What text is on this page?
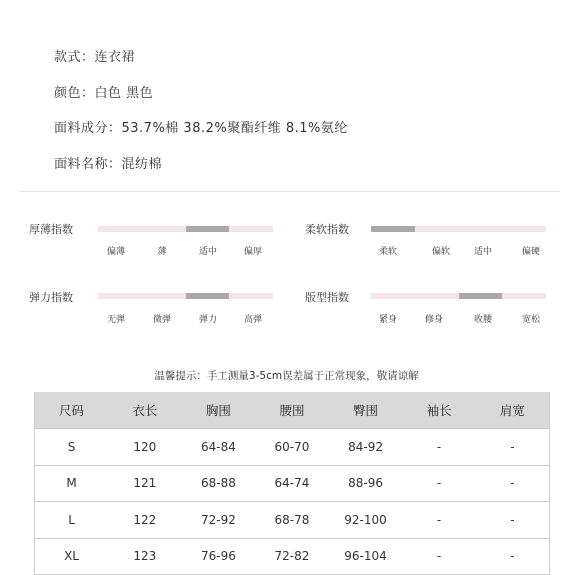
款式：连衣裙
颜色：白色 黑色
面料成分：53.7%棉 38.2%聚酯纤维 8.1%氨纶
面料名称：混纺棉
厚薄指数
偏薄	薄	适中	偏厚
柔软指数
柔软	偏软	适中	偏硬
弹力指数
无弹	微弹	弹力	高弹
版型指数
紧身	修身	收腰	宽松
温馨提示：手工测量3-5cm误差属于正常现象，敬请谅解
尺码	衣长	胸围	腰围	臀围	袖长	肩宽
S	120	64-84	60-70	84-92	-	-
M	121	68-88	64-74	88-96	-	-
L	122	72-92	68-78	92-100	-	-
XL	123	76-96	72-82	96-104	-	-
